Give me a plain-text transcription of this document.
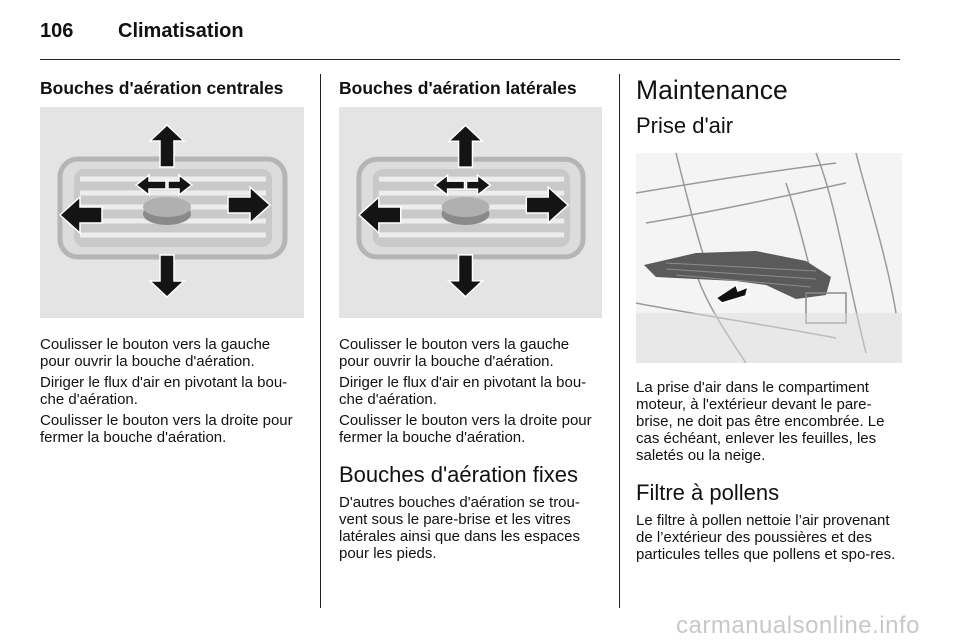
106 Climatisation
Bouches d'aération centrales

Coulisser le bouton vers la gauche pour ouvrir la bouche d'aération.

Diriger le flux d'air en pivotant la bou-che d'aération.

Coulisser le bouton vers la droite pour fermer la bouche d'aération.

Bouches d'aération latérales

Coulisser le bouton vers la gauche pour ouvrir la bouche d'aération.

Diriger le flux d'air en pivotant la bou-che d'aération.

Coulisser le bouton vers la droite pour fermer la bouche d'aération.

Bouches d'aération fixes

D'autres bouches d'aération se trou-vent sous le pare-brise et les vitres latérales ainsi que dans les espaces pour les pieds.

Maintenance
Prise d'air

La prise d'air dans le compartiment moteur, à l'extérieur devant le pare-brise, ne doit pas être encombrée. Le cas échéant, enlever les feuilles, les saletés ou la neige.

Filtre à pollens

Le filtre à pollen nettoie l’air provenant de l’extérieur des poussières et des particules telles que pollens et spo-res.

carmanualsonline.info
